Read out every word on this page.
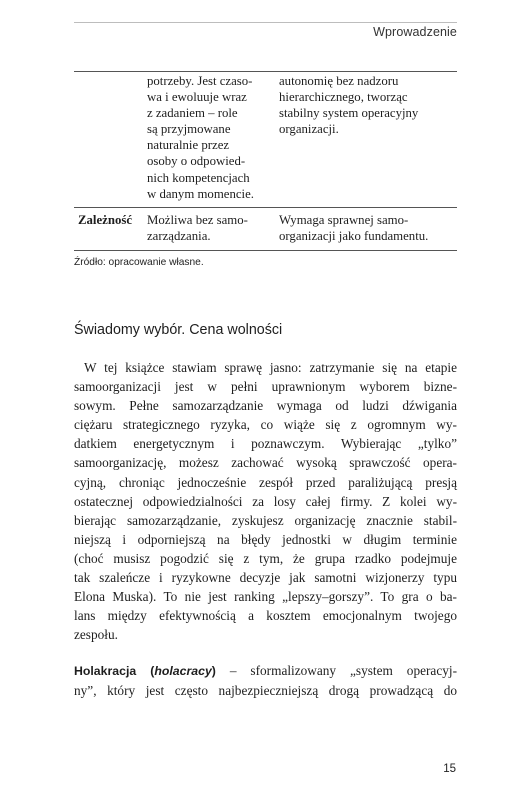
Wprowadzenie
potrzeby. Jest czaso-
wa i ewoluuje wraz
z zadaniem – role
są przyjmowane
naturalnie przez
osoby o odpowied-
nich kompetencjach
w danym momencie.
autonomię bez nadzoru
hierarchicznego, tworząc
stabilny system operacyjny
organizacji.
Zależność	Możliwa bez samo-
zarządzania.
Wymaga sprawnej samo-
organizacji jako fundamentu.
Źródło: opracowanie własne.
Świadomy wybór. Cena wolności
W tej książce stawiam sprawę jasno: zatrzymanie się na etapie
samoorganizacji jest w pełni uprawnionym wyborem bizne-
sowym. Pełne samozarządzanie wymaga od ludzi dźwigania
ciężaru strategicznego ryzyka, co wiąże się z ogromnym wy-
datkiem energetycznym i poznawczym. Wybierając „tylko”
samoorganizację, możesz zachować wysoką sprawczość opera-
cyjną, chroniąc jednocześnie zespół przed paraliżującą presją
ostatecznej odpowiedzialności za losy całej firmy. Z kolei wy-
bierając samozarządzanie, zyskujesz organizację znacznie stabil-
niejszą i odporniejszą na błędy jednostki w długim terminie
(choć musisz pogodzić się z tym, że grupa rzadko podejmuje
tak szaleńcze i ryzykowne decyzje jak samotni wizjonerzy typu
Elona Muska). To nie jest ranking „lepszy–gorszy”. To gra o ba-
lans między efektywnością a kosztem emocjonalnym twojego
zespołu.
Holakracja (holacracy) – sformalizowany „system operacyj-
ny”, który jest często najbezpieczniejszą drogą prowadzącą do
15
